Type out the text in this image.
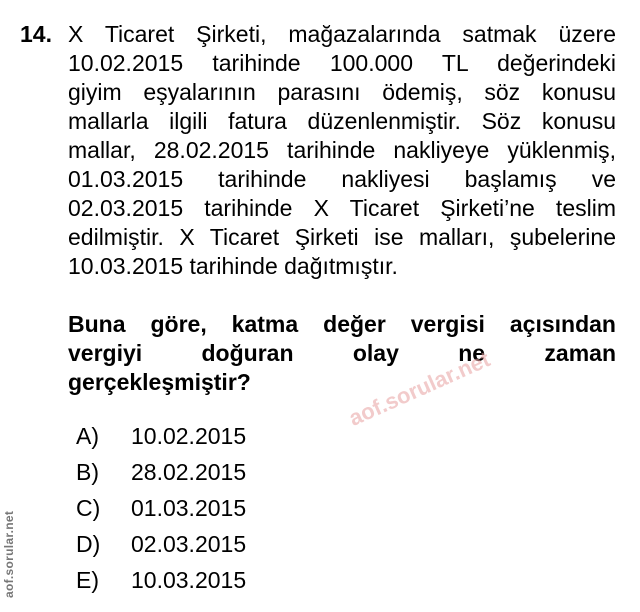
14. X Ticaret Şirketi, mağazalarında satmak üzere
10.02.2015 tarihinde 100.000 TL değerindeki
giyim eşyalarının parasını ödemiş, söz konusu
mallarla ilgili fatura düzenlenmiştir. Söz konusu
mallar, 28.02.2015 tarihinde nakliyeye yüklenmiş,
01.03.2015 tarihinde nakliyesi başlamış ve
02.03.2015 tarihinde X Ticaret Şirketi’ne teslim
edilmiştir. X Ticaret Şirketi ise malları, şubelerine
10.03.2015 tarihinde dağıtmıştır.
Buna göre, katma değer vergisi açısından
vergiyi doğuran olay ne zaman
gerçekleşmiştir?
A)	10.02.2015
B)	28.02.2015
C)	01.03.2015
D)	02.03.2015
E)	10.03.2015
aof.sorular.net
aof.sorular.net
